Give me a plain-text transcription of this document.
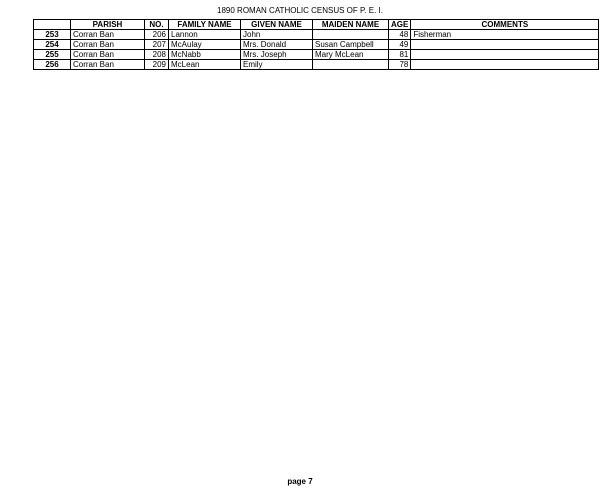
1890 ROMAN CATHOLIC CENSUS OF P. E. I.
	PARISH	NO.	FAMILY NAME	GIVEN NAME	MAIDEN NAME	AGE	COMMENTS
253	Corran Ban	206	Lannon	John		48	Fisherman
254	Corran Ban	207	McAulay	Mrs. Donald	Susan Campbell	49	
255	Corran Ban	208	McNabb	Mrs. Joseph	Mary McLean	81	
256	Corran Ban	209	McLean	Emily		78	
page 7
